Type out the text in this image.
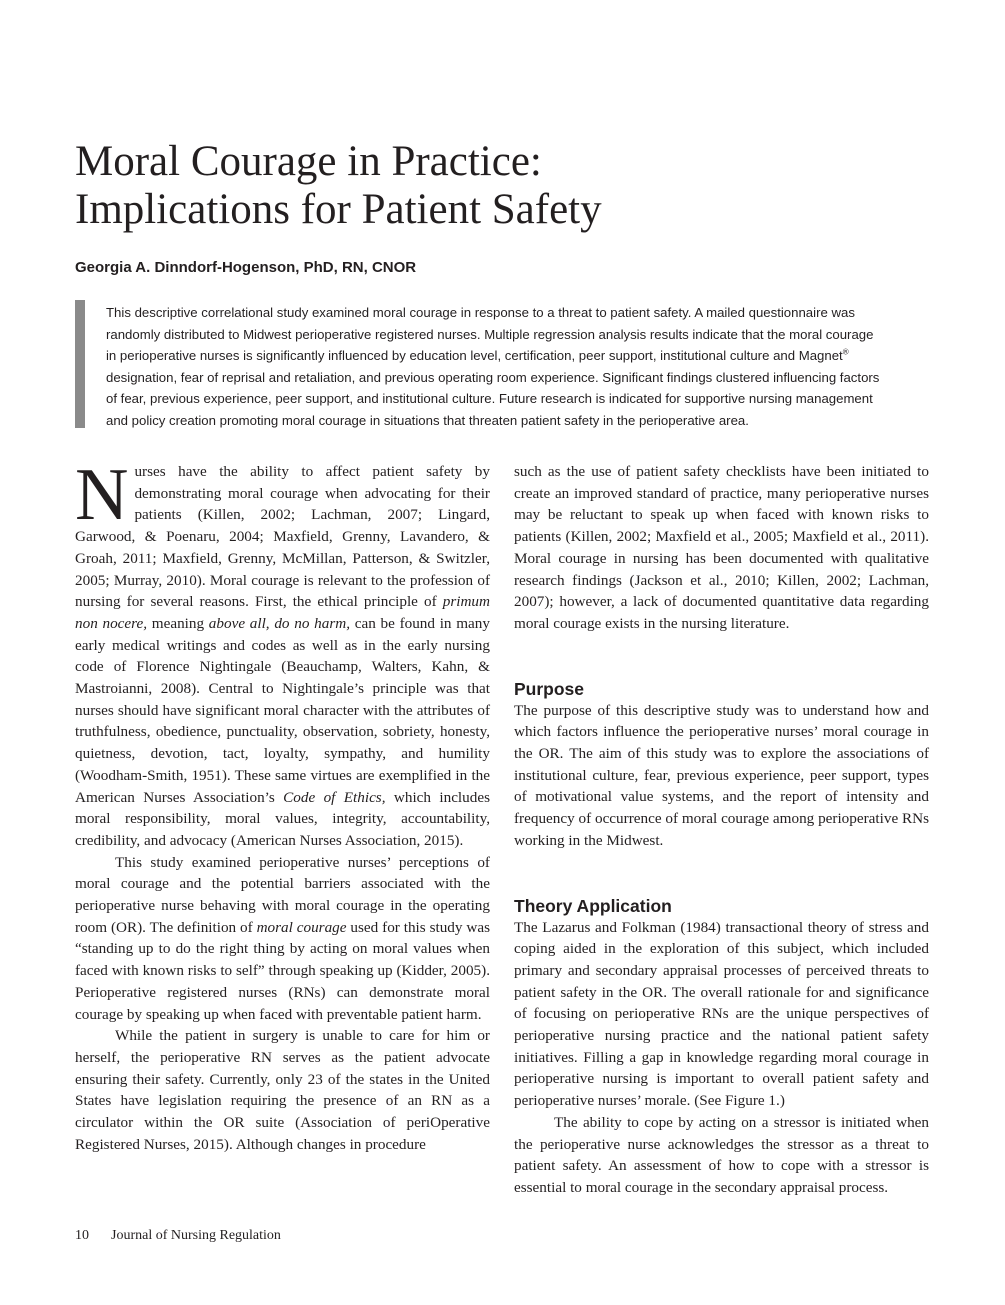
Moral Courage in Practice:
Implications for Patient Safety
Georgia A. Dinndorf-Hogenson, PhD, RN, CNOR
This descriptive correlational study examined moral courage in response to a threat to patient safety. A mailed questionnaire was
randomly distributed to Midwest perioperative registered nurses. Multiple regression analysis results indicate that the moral courage
in perioperative nurses is significantly influenced by education level, certification, peer support, institutional culture and Magnet®
designation, fear of reprisal and retaliation, and previous operating room experience. Significant findings clustered influencing factors
of fear, previous experience, peer support, and institutional culture. Future research is indicated for supportive nursing management
and policy creation promoting moral courage in situations that threaten patient safety in the perioperative area.

Nurses have the ability to affect patient safety by demonstrating moral courage when advocating for their patients (Killen, 2002; Lachman, 2007; Lingard, Garwood, & Poenaru, 2004; Maxfield, Grenny, Lavandero, & Groah, 2011; Maxfield, Grenny, McMillan, Patterson, & Switzler, 2005; Murray, 2010). Moral courage is relevant to the profession of nursing for several reasons. First, the ethical principle of primum non nocere, meaning above all, do no harm, can be found in many early medical writings and codes as well as in the early nursing code of Florence Nightingale (Beauchamp, Walters, Kahn, & Mastroianni, 2008). Central to Nightingale’s principle was that nurses should have significant moral character with the attributes of truthfulness, obedience, punctuality, observation, sobriety, honesty, quietness, devotion, tact, loyalty, sympathy, and humility (Woodham-Smith, 1951). These same virtues are exemplified in the American Nurses Association’s Code of Ethics, which includes moral responsibility, moral values, integrity, accountability, credibility, and advocacy (American Nurses Association, 2015).

This study examined perioperative nurses’ perceptions of moral courage and the potential barriers associated with the perioperative nurse behaving with moral courage in the operating room (OR). The definition of moral courage used for this study was “standing up to do the right thing by acting on moral values when faced with known risks to self” through speaking up (Kidder, 2005). Perioperative registered nurses (RNs) can demonstrate moral courage by speaking up when faced with preventable patient harm.

While the patient in surgery is unable to care for him or herself, the perioperative RN serves as the patient advocate ensuring their safety. Currently, only 23 of the states in the United States have legislation requiring the presence of an RN as a circulator within the OR suite (Association of periOperative Registered Nurses, 2015). Although changes in procedure

such as the use of patient safety checklists have been initiated to create an improved standard of practice, many perioperative nurses may be reluctant to speak up when faced with known risks to patients (Killen, 2002; Maxfield et al., 2005; Maxfield et al., 2011). Moral courage in nursing has been documented with qualitative research findings (Jackson et al., 2010; Killen, 2002; Lachman, 2007); however, a lack of documented quantitative data regarding moral courage exists in the nursing literature.

Purpose

The purpose of this descriptive study was to understand how and which factors influence the perioperative nurses’ moral courage in the OR. The aim of this study was to explore the associations of institutional culture, fear, previous experience, peer support, types of motivational value systems, and the report of intensity and frequency of occurrence of moral courage among perioperative RNs working in the Midwest.

Theory Application

The Lazarus and Folkman (1984) transactional theory of stress and coping aided in the exploration of this subject, which included primary and secondary appraisal processes of perceived threats to patient safety in the OR. The overall rationale for and significance of focusing on perioperative RNs are the unique perspectives of perioperative nursing practice and the national patient safety initiatives. Filling a gap in knowledge regarding moral courage in perioperative nursing is important to overall patient safety and perioperative nurses’ morale. (See Figure 1.)

The ability to cope by acting on a stressor is initiated when the perioperative nurse acknowledges the stressor as a threat to patient safety. An assessment of how to cope with a stressor is essential to moral courage in the secondary appraisal process.

10 Journal of Nursing Regulation
